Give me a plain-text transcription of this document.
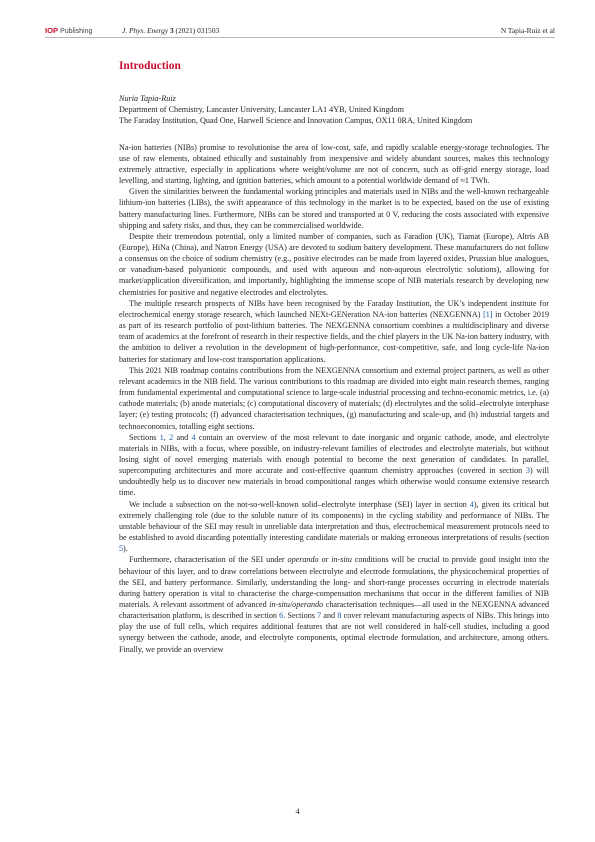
IOP Publishing	J. Phys. Energy 3 (2021) 031503	N Tapia-Ruiz et al
Introduction
Nuria Tapia-Ruiz
Department of Chemistry, Lancaster University, Lancaster LA1 4YB, United Kingdom
The Faraday Institution, Quad One, Harwell Science and Innovation Campus, OX11 0RA, United Kingdom

Na-ion batteries (NIBs) promise to revolutionise the area of low-cost, safe, and rapidly scalable energy-storage technologies. The use of raw elements, obtained ethically and sustainably from inexpensive and widely abundant sources, makes this technology extremely attractive, especially in applications where weight/volume are not of concern, such as off-grid energy storage, load levelling, and starting, lighting, and ignition batteries, which amount to a potential worldwide demand of ≈1 TWh.

Given the similarities between the fundamental working principles and materials used in NIBs and the well-known rechargeable lithium-ion batteries (LIBs), the swift appearance of this technology in the market is to be expected, based on the use of existing battery manufacturing lines. Furthermore, NIBs can be stored and transported at 0 V, reducing the costs associated with expensive shipping and safety risks, and thus, they can be commercialised worldwide.

Despite their tremendous potential, only a limited number of companies, such as Faradion (UK), Tiamat (Europe), Altris AB (Europe), HiNa (China), and Natron Energy (USA) are devoted to sodium battery development. These manufacturers do not follow a consensus on the choice of sodium chemistry (e.g., positive electrodes can be made from layered oxides, Prussian blue analogues, or vanadium-based polyanionic compounds, and used with aqueous and non-aqueous electrolytic solutions), allowing for market/application diversification, and importantly, highlighting the immense scope of NIB materials research by developing new chemistries for positive and negative electrodes and electrolytes.

The multiple research prospects of NIBs have been recognised by the Faraday Institution, the UK’s independent institute for electrochemical energy storage research, which launched NEXt-GENeration NA-ion batteries (NEXGENNA) [1] in October 2019 as part of its research portfolio of post-lithium batteries. The NEXGENNA consortium combines a multidisciplinary and diverse team of academics at the forefront of research in their respective fields, and the chief players in the UK Na-ion battery industry, with the ambition to deliver a revolution in the development of high-performance, cost-competitive, safe, and long cycle-life Na-ion batteries for stationary and low-cost transportation applications.

This 2021 NIB roadmap contains contributions from the NEXGENNA consortium and external project partners, as well as other relevant academics in the NIB field. The various contributions to this roadmap are divided into eight main research themes, ranging from fundamental experimental and computational science to large-scale industrial processing and techno-economic metrics, i.e. (a) cathode materials; (b) anode materials; (c) computational discovery of materials; (d) electrolytes and the solid–electrolyte interphase layer; (e) testing protocols; (f) advanced characterisation techniques, (g) manufacturing and scale-up, and (h) industrial targets and technoeconomics, totalling eight sections.

Sections 1, 2 and 4 contain an overview of the most relevant to date inorganic and organic cathode, anode, and electrolyte materials in NIBs, with a focus, where possible, on industry-relevant families of electrodes and electrolyte materials, but without losing sight of novel emerging materials with enough potential to become the next generation of candidates. In parallel, supercomputing architectures and more accurate and cost-effective quantum chemistry approaches (covered in section 3) will undoubtedly help us to discover new materials in broad compositional ranges which otherwise would consume extensive research time.

We include a subsection on the not-so-well-known solid–electrolyte interphase (SEI) layer in section 4), given its critical but extremely challenging role (due to the soluble nature of its components) in the cycling stability and performance of NIBs. The unstable behaviour of the SEI may result in unreliable data interpretation and thus, electrochemical measurement protocols need to be established to avoid discarding potentially interesting candidate materials or making erroneous interpretations of results (section 5).

Furthermore, characterisation of the SEI under operando or in-situ conditions will be crucial to provide good insight into the behaviour of this layer, and to draw correlations between electrolyte and electrode formulations, the physicochemical properties of the SEI, and battery performance. Similarly, understanding the long- and short-range processes occurring in electrode materials during battery operation is vital to characterise the charge-compensation mechanisms that occur in the different families of NIB materials. A relevant assortment of advanced in-situ/operando characterisation techniques—all used in the NEXGENNA advanced characterisation platform, is described in section 6. Sections 7 and 8 cover relevant manufacturing aspects of NIBs. This brings into play the use of full cells, which requires additional features that are not well considered in half-cell studies, including a good synergy between the cathode, anode, and electrolyte components, optimal electrode formulation, and architecture, among others. Finally, we provide an overview

4
